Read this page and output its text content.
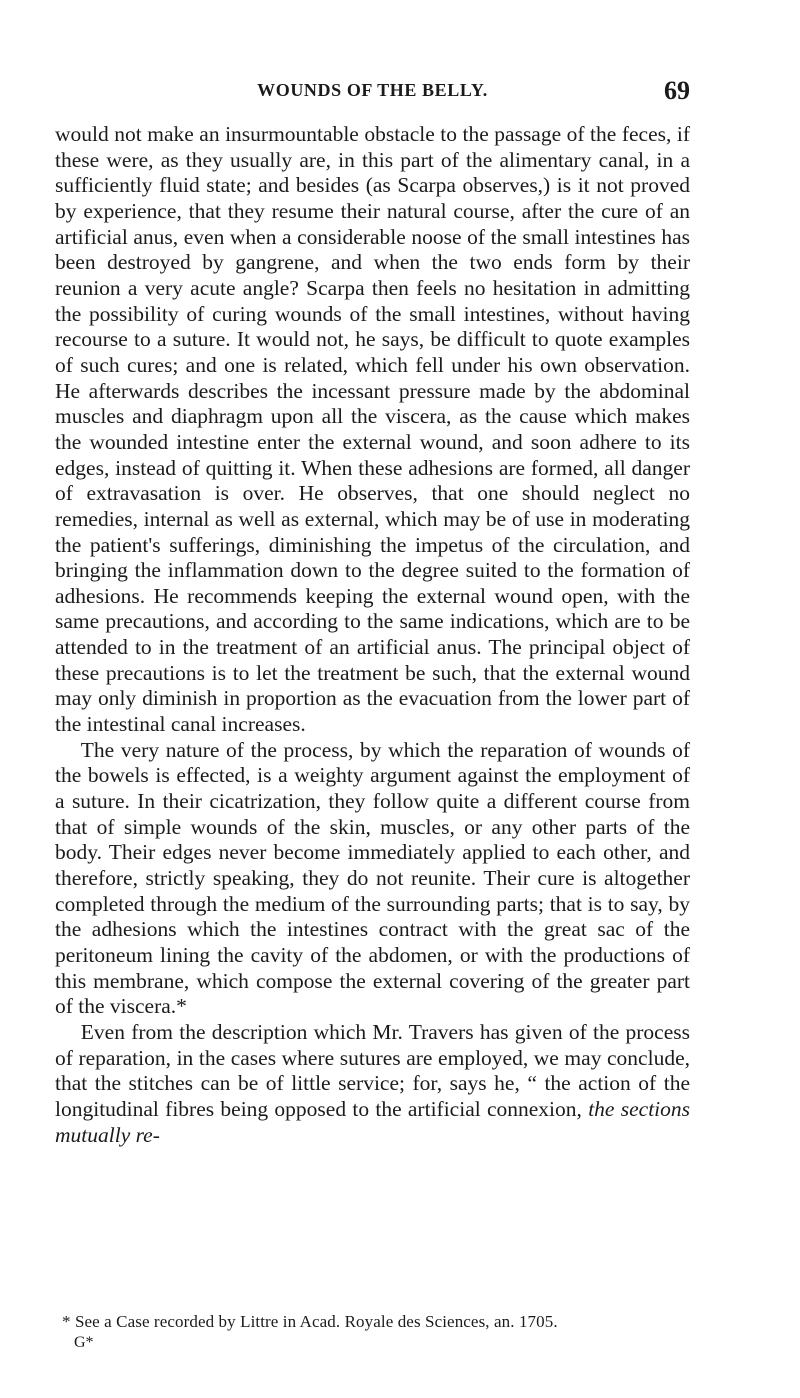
WOUNDS OF THE BELLY.	69

would not make an insurmountable obstacle to the passage of the feces, if these were, as they usually are, in this part of the alimentary canal, in a sufficiently fluid state; and besides (as Scarpa observes,) is it not proved by experience, that they resume their natural course, after the cure of an artificial anus, even when a considerable noose of the small intestines has been destroyed by gangrene, and when the two ends form by their reunion a very acute angle? Scarpa then feels no hesitation in admitting the possibility of curing wounds of the small intestines, without having recourse to a suture. It would not, he says, be difficult to quote examples of such cures; and one is related, which fell under his own observation. He afterwards describes the incessant pressure made by the abdominal muscles and diaphragm upon all the viscera, as the cause which makes the wounded intestine enter the external wound, and soon adhere to its edges, instead of quitting it. When these adhesions are formed, all danger of extravasation is over. He observes, that one should neglect no remedies, internal as well as external, which may be of use in moderating the patient's sufferings, diminishing the impetus of the circulation, and bringing the inflammation down to the degree suited to the formation of adhesions. He recommends keeping the external wound open, with the same precautions, and according to the same indications, which are to be attended to in the treatment of an artificial anus. The principal object of these precautions is to let the treatment be such, that the external wound may only diminish in proportion as the evacuation from the lower part of the intestinal canal increases.

The very nature of the process, by which the reparation of wounds of the bowels is effected, is a weighty argument against the employment of a suture. In their cicatrization, they follow quite a different course from that of simple wounds of the skin, muscles, or any other parts of the body. Their edges never become immediately applied to each other, and therefore, strictly speaking, they do not reunite. Their cure is altogether completed through the medium of the surrounding parts; that is to say, by the adhesions which the intestines contract with the great sac of the peritoneum lining the cavity of the abdomen, or with the productions of this membrane, which compose the external covering of the greater part of the viscera.*

Even from the description which Mr. Travers has given of the process of reparation, in the cases where sutures are employed, we may conclude, that the stitches can be of little service; for, says he, “ the action of the longitudinal fibres being opposed to the artificial connexion, the sections mutually re-

* See a Case recorded by Littre in Acad. Royale des Sciences, an. 1705.
G*
